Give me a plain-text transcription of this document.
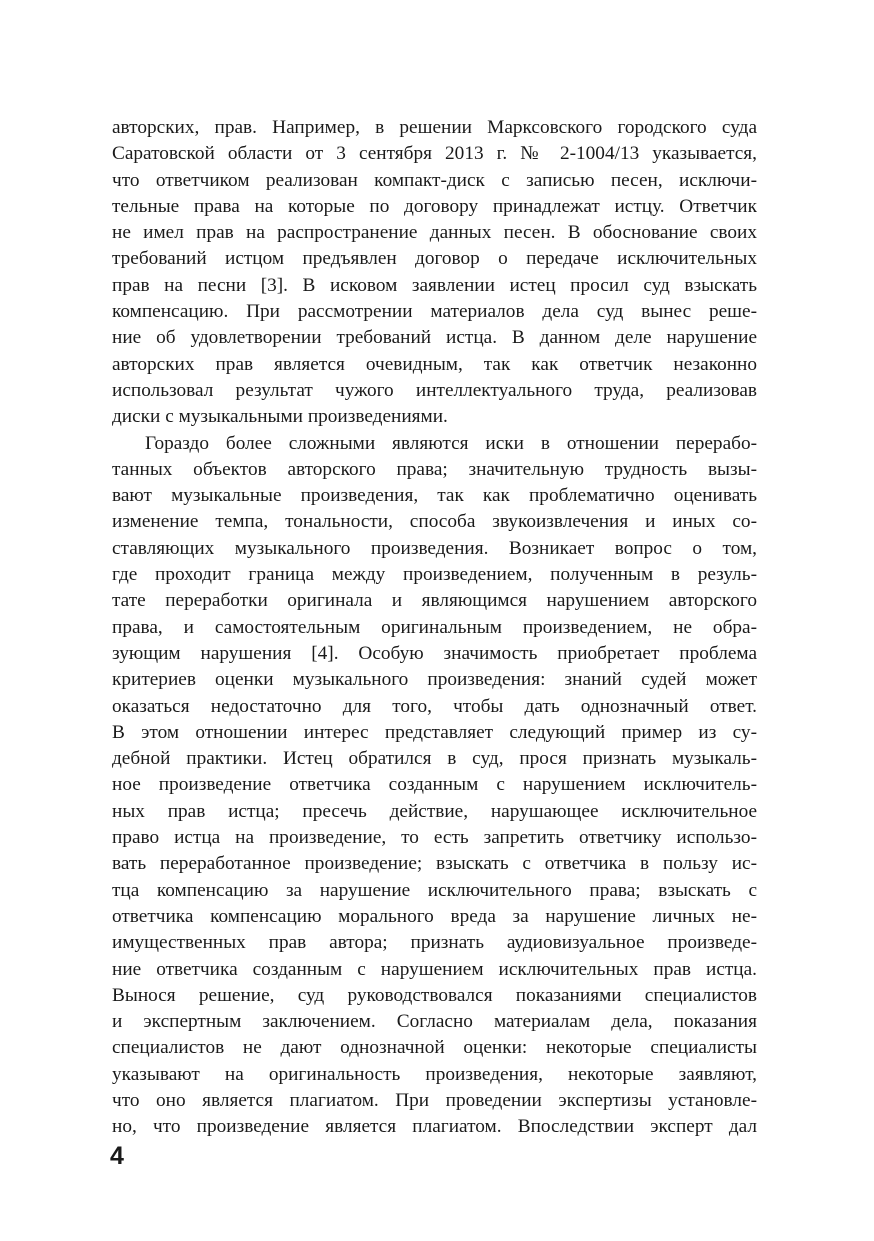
авторских, прав. Например, в решении Марксовского городского суда
Саратовской области от 3 сентября 2013 г. № 2-1004/13 указывается,
что ответчиком реализован компакт-диск с записью песен, исключи-
тельные права на которые по договору принадлежат истцу. Ответчик
не имел прав на распространение данных песен. В обоснование своих
требований истцом предъявлен договор о передаче исключительных
прав на песни [3]. В исковом заявлении истец просил суд взыскать
компенсацию. При рассмотрении материалов дела суд вынес реше-
ние об удовлетворении требований истца. В данном деле нарушение
авторских прав является очевидным, так как ответчик незаконно
использовал результат чужого интеллектуального труда, реализовав
диски с музыкальными произведениями.
Гораздо более сложными являются иски в отношении перерабо-
танных объектов авторского права; значительную трудность вызы-
вают музыкальные произведения, так как проблематично оценивать
изменение темпа, тональности, способа звукоизвлечения и иных со-
ставляющих музыкального произведения. Возникает вопрос о том,
где проходит граница между произведением, полученным в резуль-
тате переработки оригинала и являющимся нарушением авторского
права, и самостоятельным оригинальным произведением, не обра-
зующим нарушения [4]. Особую значимость приобретает проблема
критериев оценки музыкального произведения: знаний судей может
оказаться недостаточно для того, чтобы дать однозначный ответ.
В этом отношении интерес представляет следующий пример из су-
дебной практики. Истец обратился в суд, прося признать музыкаль-
ное произведение ответчика созданным с нарушением исключитель-
ных прав истца; пресечь действие, нарушающее исключительное
право истца на произведение, то есть запретить ответчику использо-
вать переработанное произведение; взыскать с ответчика в пользу ис-
тца компенсацию за нарушение исключительного права; взыскать с
ответчика компенсацию морального вреда за нарушение личных не-
имущественных прав автора; признать аудиовизуальное произведе-
ние ответчика созданным с нарушением исключительных прав истца.
Вынося решение, суд руководствовался показаниями специалистов
и экспертным заключением. Согласно материалам дела, показания
специалистов не дают однозначной оценки: некоторые специалисты
указывают на оригинальность произведения, некоторые заявляют,
что оно является плагиатом. При проведении экспертизы установле-
но, что произведение является плагиатом. Впоследствии эксперт дал
4
